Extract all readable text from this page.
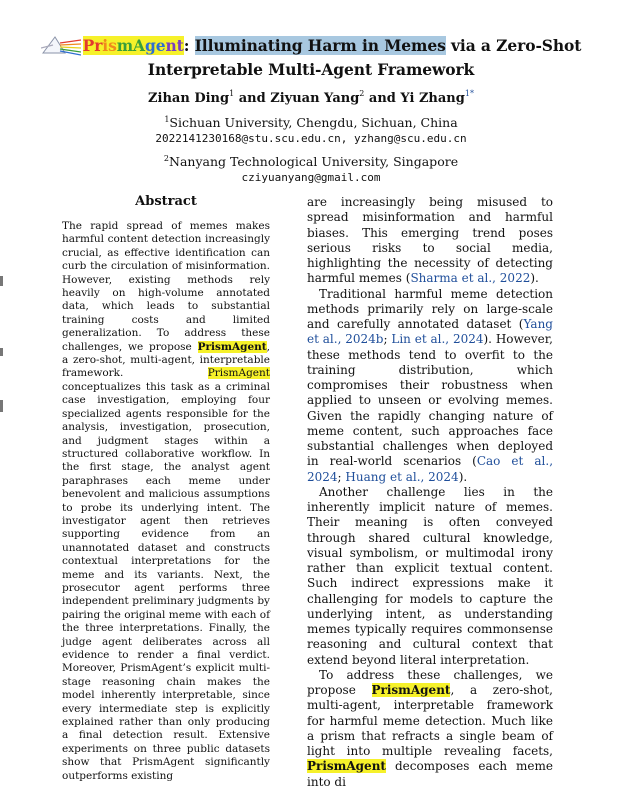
PrismAgent: Illuminating Harm in Memes via a Zero-Shot
Interpretable Multi-Agent Framework
Zihan Ding$^1$ and Ziyuan Yang$^2$ and Yi Zhang$^{1*}$
$^1$Sichuan University, Chengdu, Sichuan, China
2022141230168@stu.scu.edu.cn, yzhang@scu.edu.cn
$^2$Nanyang Technological University, Singapore
cziyuanyang@gmail.com
Abstract

The rapid spread of memes makes harmful content detection increasingly crucial, as effective identification can curb the circulation of misinformation. However, existing methods rely heavily on high-volume annotated data, which leads to substantial training costs and limited generalization. To address these challenges, we propose PrismAgent, a zero-shot, multi-agent, interpretable framework. PrismAgent conceptualizes this task as a criminal case investigation, employing four specialized agents responsible for the analysis, investigation, prosecution, and judgment stages within a structured collaborative workflow. In the first stage, the analyst agent paraphrases each meme under benevolent and malicious assumptions to probe its underlying intent. The investigator agent then retrieves supporting evidence from an unannotated dataset and constructs contextual interpretations for the meme and its variants. Next, the prosecutor agent performs three independent preliminary judgments by pairing the original meme with each of the three interpretations. Finally, the judge agent deliberates across all evidence to render a final verdict. Moreover, PrismAgent’s explicit multi-stage reasoning chain makes the model inherently interpretable, since every intermediate step is explicitly explained rather than only producing a final detection result. Extensive experiments on three public datasets show that PrismAgent significantly outperforms existing

are increasingly being misused to spread misinformation and harmful biases. This emerging trend poses serious risks to social media, highlighting the necessity of detecting harmful memes (Sharma et al., 2022).

Traditional harmful meme detection methods primarily rely on large-scale and carefully annotated dataset (Yang et al., 2024b; Lin et al., 2024). However, these methods tend to overfit to the training distribution, which compromises their robustness when applied to unseen or evolving memes. Given the rapidly changing nature of meme content, such approaches face substantial challenges when deployed in real-world scenarios (Cao et al., 2024; Huang et al., 2024).

Another challenge lies in the inherently implicit nature of memes. Their meaning is often conveyed through shared cultural knowledge, visual symbolism, or multimodal irony rather than explicit textual content. Such indirect expressions make it challenging for models to capture the underlying intent, as understanding memes typically requires commonsense reasoning and cultural context that extend beyond literal interpretation.

To address these challenges, we propose PrismAgent, a zero-shot, multi-agent, interpretable framework for harmful meme detection. Much like a prism that refracts a single beam of light into multiple revealing facets, PrismAgent decomposes each meme into di
